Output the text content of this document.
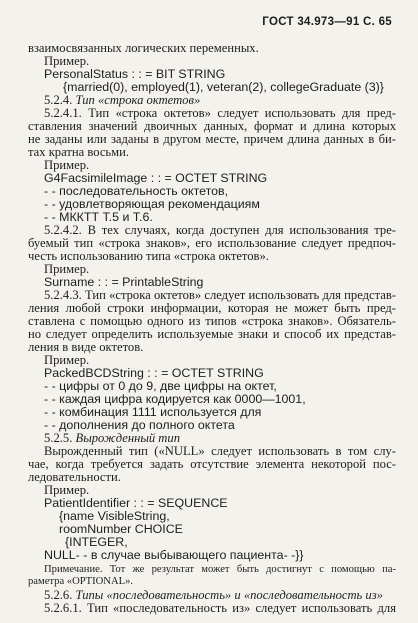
ГОСТ 34.973—91 С. 65
взаимосвязанных логических переменных.
Пример.
PersonalStatus : : = BIT STRING
{married(0), employed(1), veteran(2), collegeGraduate (3)}
5.2.4. Тип «строка октетов»
5.2.4.1. Тип «строка октетов» следует использовать для пред-
ставления значений двоичных данных, формат и длина которых
не заданы или заданы в другом месте, причем длина данных в би-
тах кратна восьми.
Пример.
G4FacsimileImage : : = OCTET STRING
- - последовательность октетов,
- - удовлетворяющая рекомендациям
- - МККТТ Т.5 и Т.6.
5.2.4.2. В тех случаях, когда доступен для использования тре-
буемый тип «строка знаков», его использование следует предпоч-
честь использованию типа «строка октетов».
Пример.
Surname : : = PrintableString
5.2.4.3. Тип «строка октетов» следует использовать для представ-
ления любой строки информации, которая не может быть пред-
ставлена с помощью одного из типов «строка знаков». Обязатель-
но следует определить используемые знаки и способ их представ-
ления в виде октетов.
Пример.
PackedBCDString : : = OCTET STRING
- - цифры от 0 до 9, две цифры на октет,
- - каждая цифра кодируется как 0000—1001,
- - комбинация 1111 используется для
- - дополнения до полного октета
5.2.5. Вырожденный тип
Вырожденный тип («NULL» следует использовать в том слу-
чае, когда требуется задать отсутствие элемента некоторой пос-
ледовательности.
Пример.
PatientIdentifier : : = SEQUENCE
{name VisibleString,
roomNumber CHOICE
{INTEGER,
NULL- - в случае выбывающего пациента- -}}
Примечание. Тот же результат может быть достигнут с помощью па-
раметра «OPTIONAL».
5.2.6. Типы «последовательность» и «последовательность из»
5.2.6.1. Тип «последовательность из» следует использовать для
